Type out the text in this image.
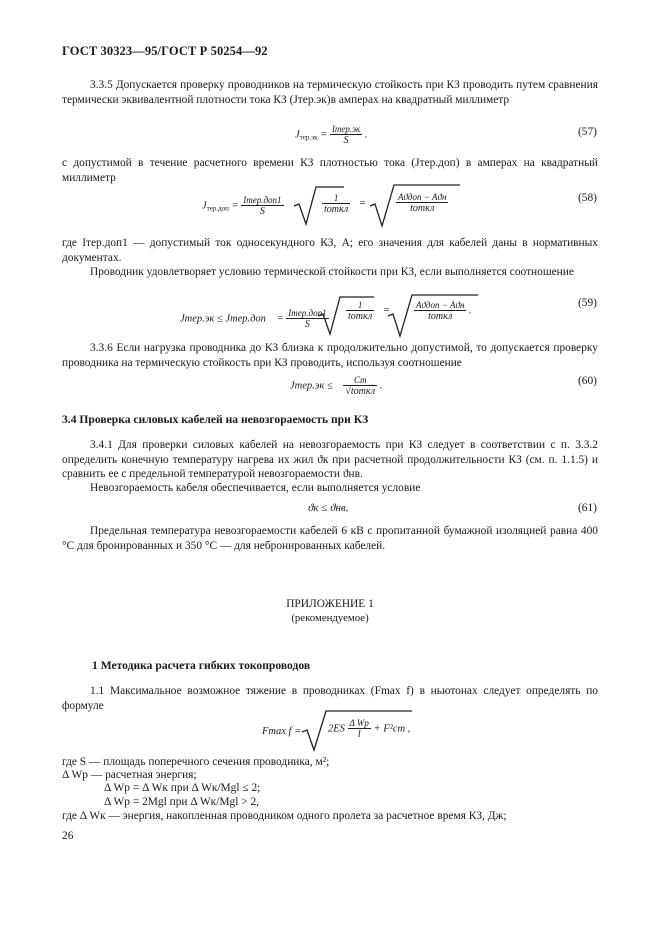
ГОСТ 30323—95/ГОСТ Р 50254—92
3.3.5 Допускается проверку проводников на термическую стойкость при КЗ проводить путем сравнения термически эквивалентной плотности тока КЗ (Jтер.эк)в амперах на квадратный миллиметр
$J_{тер.эк} = \frac{\text{Iтер.эк}}{S}$ .	(57)
с допустимой в течение расчетного времени КЗ плотностью тока (Jтер.доп) в амперах на квадратный миллиметр
$J_{тер.доп} = \frac{\text{Iтер.доп1}}{S}$	$\frac{1}{\text{tоткл}}$ =	$\frac{\text{Aϑдоп − Aϑн}}{\text{tоткл}}$	(58)
где Iтер.доп1 — допустимый ток односекундного КЗ, А; его значения для кабелей даны в нормативных документах.
Проводник удовлетворяет условию термической стойкости при КЗ, если выполняется соотношение
Jтер.эк ≤ Jтер.доп = $\frac{\text{Iтер.доп1}}{S} \frac{1}{\text{tоткл}}$ =	$\frac{\text{Aϑдоп − Aϑн}}{\text{tоткл}}$ .
(59)
3.3.6 Если нагрузка проводника до КЗ близка к продолжительно допустимой, то допускается проверку проводника на термическую стойкость при КЗ проводить, используя соотношение
Jтер.эк ≤ $\frac{Cт}{\text{√tоткл}}$ .	(60)
3.4 Проверка силовых кабелей на невозгораемость при КЗ
3.4.1 Для проверки силовых кабелей на невозгораемость при КЗ следует в соответствии с п. 3.3.2 определить конечную температуру нагрева их жил ϑк при расчетной продолжительности КЗ (см. п. 1.1.5) и сравнить ее с предельной температурой невозгораемости ϑнв.
Невозгораемость кабеля обеспечивается, если выполняется условие
ϑк ≤ ϑнв.	(61)
Предельная температура невозгораемости кабелей 6 кВ с пропитанной бумажной изоляцией равна 400 °С для бронированных и 350 °С — для небронированных кабелей.
ПРИЛОЖЕНИЕ 1
(рекомендуемое)
1 Методика расчета гибких токопроводов
1.1 Максимальное возможное тяжение в проводниках (Fmax f) в ньютонах следует определять по формуле
Fmax f =	$2ES \frac{\text{Δ Wр}}{l} + F^2ст$ ,
где S — площадь поперечного сечения проводника, м²;
Δ Wр — расчетная энергия;
Δ Wр = Δ Wк при Δ Wк/Mgl ≤ 2;
Δ Wр = 2Mgl при Δ Wк/Mgl > 2,
где Δ Wк — энергия, накопленная проводником одного пролета за расчетное время КЗ, Дж;
26
